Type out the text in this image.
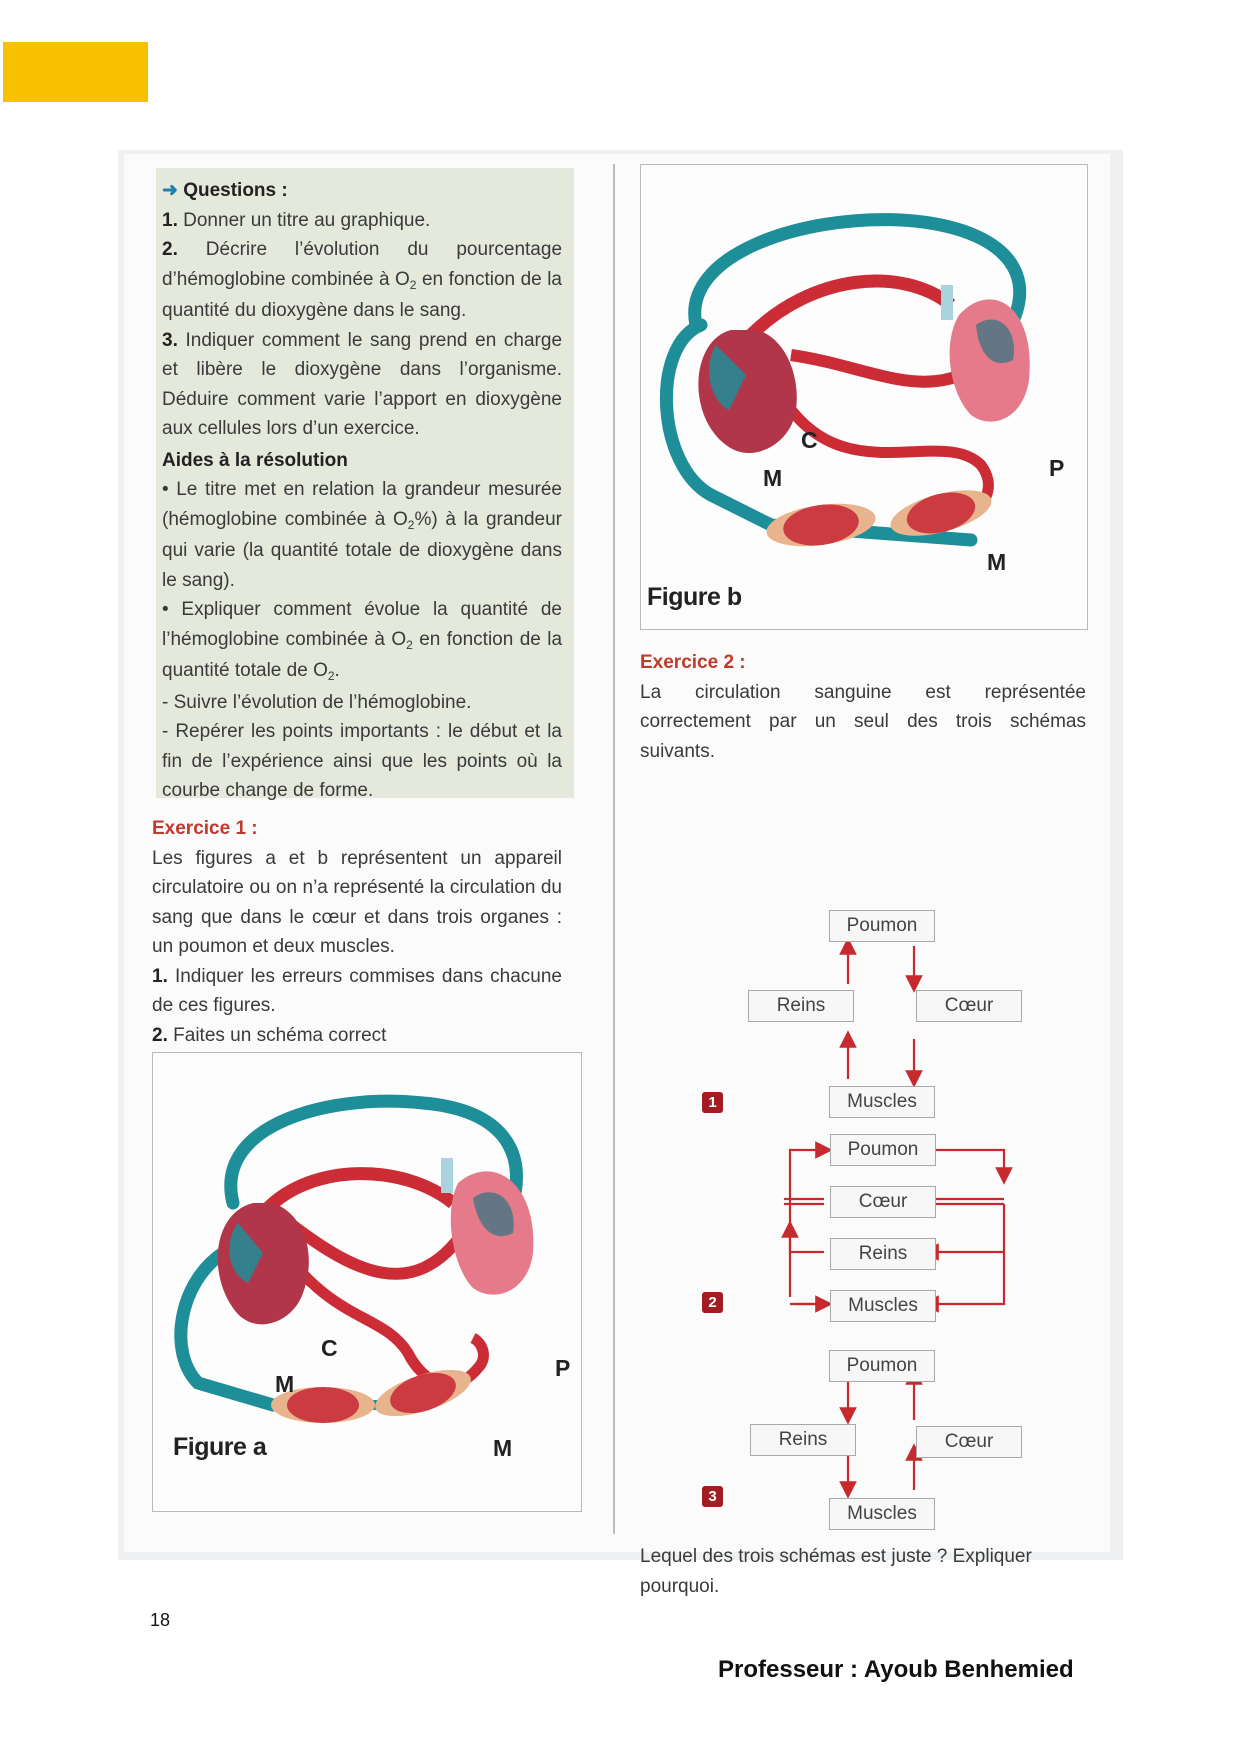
➜ Questions :

1. Donner un titre au graphique.

2. Décrire l’évolution du pourcentage d’hémoglobine combinée à $O_2$ en fonction de la quantité du dioxygène dans le sang.

3. Indiquer comment le sang prend en charge et libère le dioxygène dans l’organisme. Déduire comment varie l’apport en dioxygène aux cellules lors d’un exercice.

Aides à la résolution

• Le titre met en relation la grandeur mesurée (hémoglobine combinée à $O_2\%$) à la grandeur qui varie (la quantité totale de dioxygène dans le sang).

• Expliquer comment évolue la quantité de l’hémoglobine combinée à $O_2$ en fonction de la quantité totale de $O_2$.

- Suivre l’évolution de l’hémoglobine.

- Repérer les points importants : le début et la fin de l’expérience ainsi que les points où la courbe change de forme.

Exercice 1 :

Les figures a et b représentent un appareil circulatoire ou on n’a représenté la circulation du sang que dans le cœur et dans trois organes : un poumon et deux muscles.

1. Indiquer les erreurs commises dans chacune de ces figures.

2. Faites un schéma correct

C
P
M
M
Figure a
C
P
M
M
Figure b

Exercice 2 :

La circulation sanguine est représentée correctement par un seul des trois schémas suivants.

Poumon
Reins	Cœur
Muscles
1
Poumon
Cœur
Reins
Muscles
2
Poumon
Reins	Cœur
Muscles
3

Lequel des trois schémas est juste ? Expliquer pourquoi.

18
Professeur : Ayoub Benhemied
